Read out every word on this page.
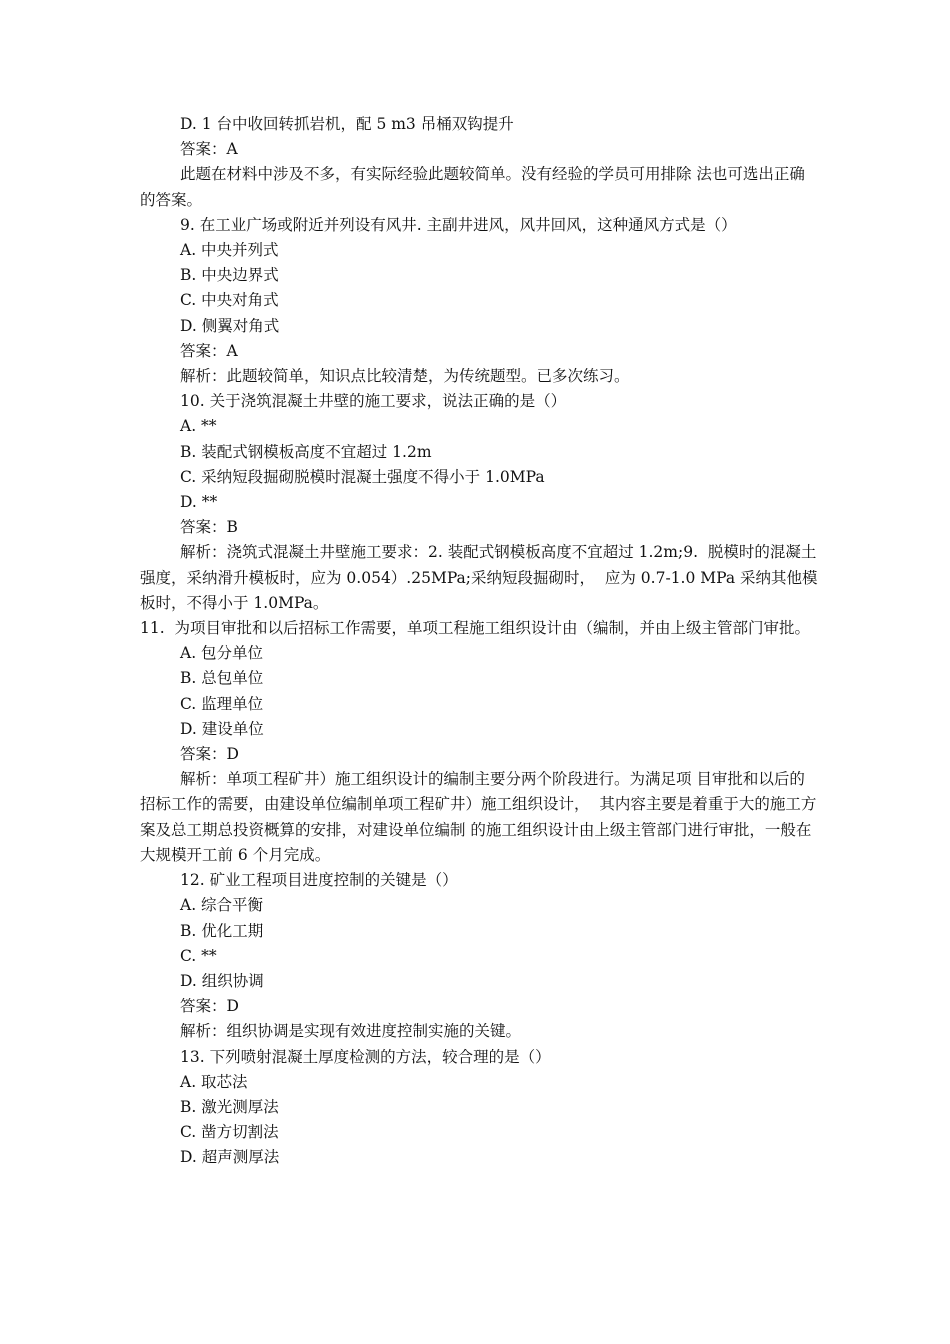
D. 1 台中收回转抓岩机，配 5 m3 吊桶双钩提升
答案：A
此题在材料中涉及不多，有实际经验此题较简单。没有经验的学员可用排除 法也可选出正确的答案。
9. 在工业广场或附近并列设有风井. 主副井进风，风井回风，这种通风方式是（）
A. 中央并列式
B. 中央边界式
C. 中央对角式
D. 侧翼对角式
答案：A
解析：此题较简单，知识点比较清楚，为传统题型。已多次练习。
10. 关于浇筑混凝土井壁的施工要求，说法正确的是（）
A. **
B. 装配式钢模板高度不宜超过 1.2m
C. 采纳短段掘砌脱模时混凝土强度不得小于 1.0MPa
D. **
答案：B
解析：浇筑式混凝土井壁施工要求：2. 装配式钢模板高度不宜超过 1.2m;9.  脱模时的混凝土强度，采纳滑升模板时，应为 0.054）.25MPa;采纳短段掘砌时，  应为 0.7-1.0 MPa 采纳其他模板时，不得小于 1.0MPa。
11.  为项目审批和以后招标工作需要，单项工程施工组织设计由（编制，并由上级主管部门审批。
A. 包分单位
B. 总包单位
C. 监理单位
D. 建设单位
答案：D
解析：单项工程矿井）施工组织设计的编制主要分两个阶段进行。为满足项 目审批和以后的招标工作的需要，由建设单位编制单项工程矿井）施工组织设计，  其内容主要是着重于大的施工方案及总工期总投资概算的安排，对建设单位编制 的施工组织设计由上级主管部门进行审批，一般在大规模开工前 6 个月完成。
12. 矿业工程项目进度控制的关键是（）
A. 综合平衡
B. 优化工期
C. **
D. 组织协调
答案：D
解析：组织协调是实现有效进度控制实施的关键。
13. 下列喷射混凝土厚度检测的方法，较合理的是（）
A. 取芯法
B. 激光测厚法
C. 凿方切割法
D. 超声测厚法
